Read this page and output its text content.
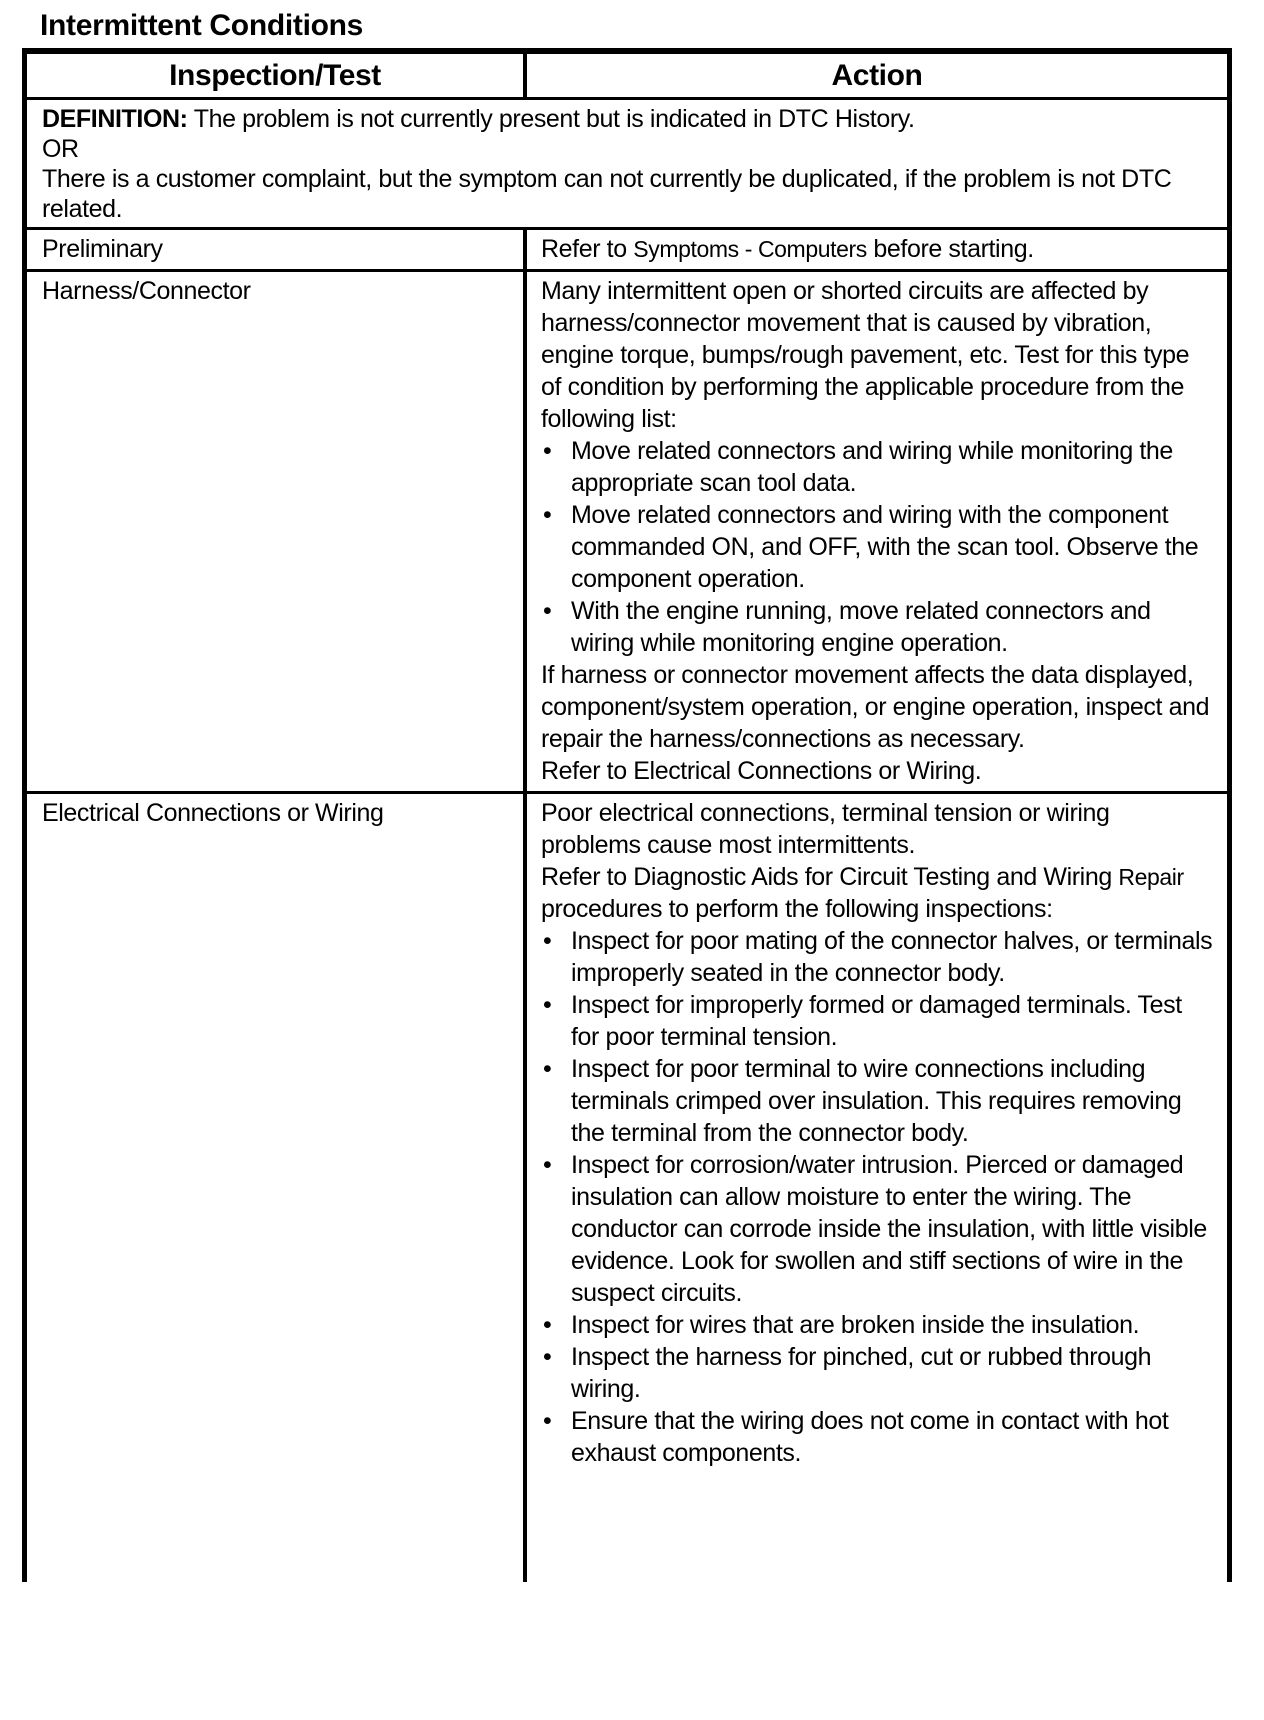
Intermittent Conditions
Inspection/Test	Action
DEFINITION: The problem is not currently present but is indicated in DTC History.
OR
There is a customer complaint, but the symptom can not currently be duplicated, if the problem is not DTC related.
Preliminary	Refer to Symptoms - Computers before starting.
Harness/Connector	Many intermittent open or shorted circuits are affected by harness/connector movement that is caused by vibration, engine torque, bumps/rough pavement, etc. Test for this type of condition by performing the applicable procedure from the following list:
• Move related connectors and wiring while monitoring the appropriate scan tool data.
• Move related connectors and wiring with the component commanded ON, and OFF, with the scan tool. Observe the component operation.
• With the engine running, move related connectors and wiring while monitoring engine operation.
If harness or connector movement affects the data displayed, component/system operation, or engine operation, inspect and repair the harness/connections as necessary.
Refer to Electrical Connections or Wiring.
Electrical Connections or Wiring	Poor electrical connections, terminal tension or wiring problems cause most intermittents.
Refer to Diagnostic Aids for Circuit Testing and Wiring Repair procedures to perform the following inspections:
• Inspect for poor mating of the connector halves, or terminals improperly seated in the connector body.
• Inspect for improperly formed or damaged terminals. Test for poor terminal tension.
• Inspect for poor terminal to wire connections including terminals crimped over insulation. This requires removing the terminal from the connector body.
• Inspect for corrosion/water intrusion. Pierced or damaged insulation can allow moisture to enter the wiring. The conductor can corrode inside the insulation, with little visible evidence. Look for swollen and stiff sections of wire in the suspect circuits.
• Inspect for wires that are broken inside the insulation.
• Inspect the harness for pinched, cut or rubbed through wiring.
• Ensure that the wiring does not come in contact with hot exhaust components.
